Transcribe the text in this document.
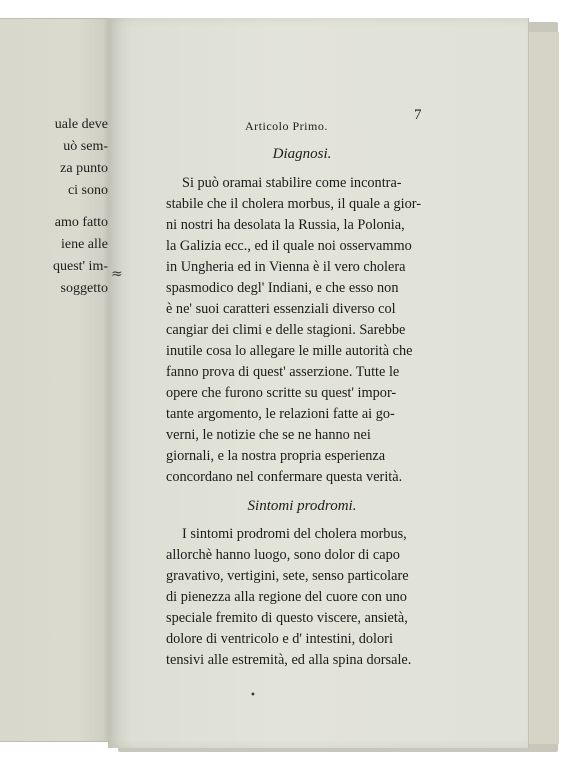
uale deve
uò sem-
za punto
ci sono
amo fatto
iene alle
quest' im-
soggetto
Articolo Primo.
7
Diagnosi.
Si può oramai stabilire come incontra-
stabile che il cholera morbus, il quale a gior-
ni nostri ha desolata la Russia, la Polonia,
la Galizia ecc., ed il quale noi osservammo
in Ungheria ed in Vienna è il vero cholera
spasmodico degl' Indiani, e che esso non
è ne' suoi caratteri essenziali diverso col
cangiar dei climi e delle stagioni. Sarebbe
inutile cosa lo allegare le mille autorità che
fanno prova di quest' asserzione. Tutte le
opere che furono scritte su quest' impor-
tante argomento, le relazioni fatte ai go-
verni, le notizie che se ne hanno nei
giornali, e la nostra propria esperienza
concordano nel confermare questa verità.
Sintomi prodromi.
I sintomi prodromi del cholera morbus,
allorchè hanno luogo, sono dolor di capo
gravativo, vertigini, sete, senso particolare
di pienezza alla regione del cuore con uno
speciale fremito di questo viscere, ansietà,
dolore di ventricolo e d' intestini, dolori
tensivi alle estremità, ed alla spina dorsale.
≈
•
